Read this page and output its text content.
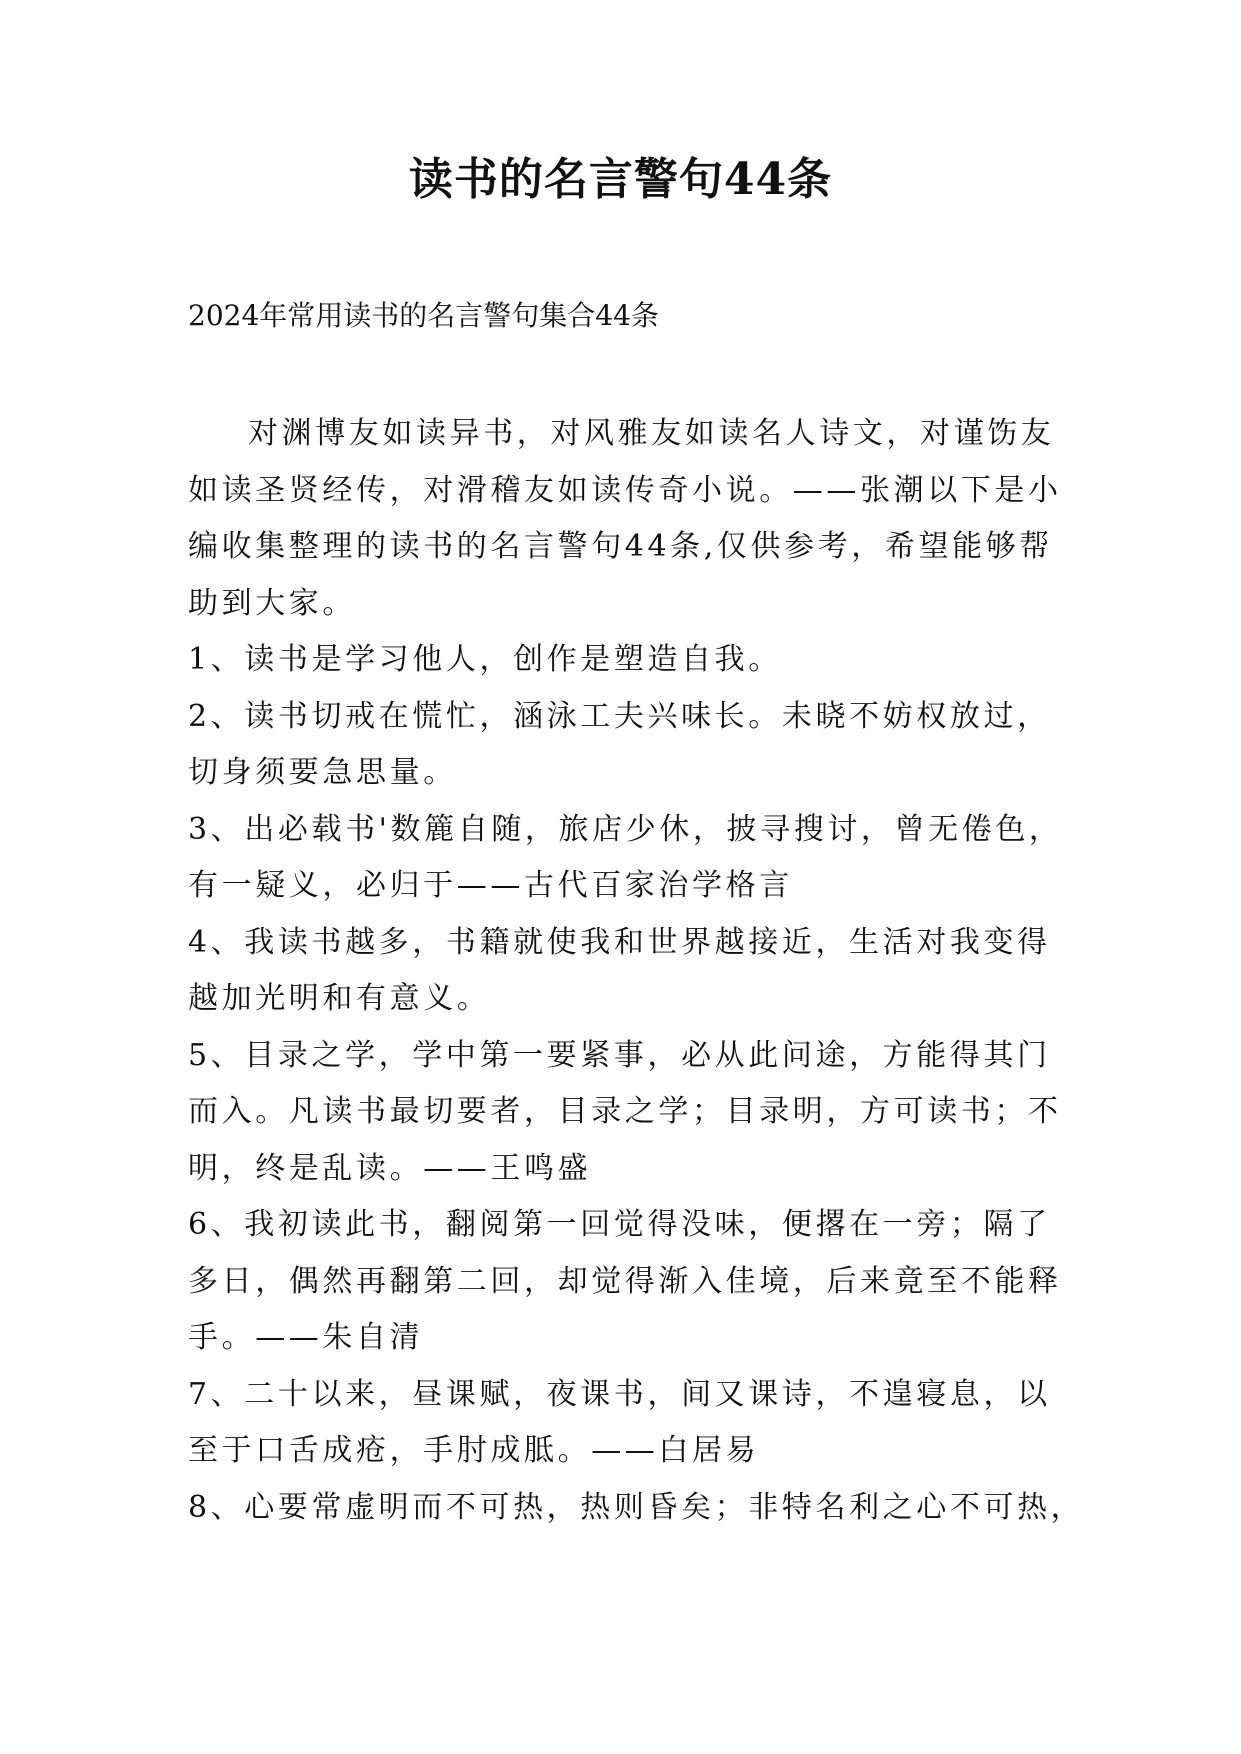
读书的名言警句44条

2024年常用读书的名言警句集合44条

对渊博友如读异书，对风雅友如读名人诗文，对谨饬友
如读圣贤经传，对滑稽友如读传奇小说。——张潮以下是小
编收集整理的读书的名言警句44条,仅供参考，希望能够帮
助到大家。
1、读书是学习他人，创作是塑造自我。
2、读书切戒在慌忙，涵泳工夫兴味长。未晓不妨权放过，
切身须要急思量。
3、出必载书'数簏自随，旅店少休，披寻搜讨，曾无倦色，
有一疑义，必归于——古代百家治学格言
4、我读书越多，书籍就使我和世界越接近，生活对我变得
越加光明和有意义。
5、目录之学，学中第一要紧事，必从此问途，方能得其门
而入。凡读书最切要者，目录之学；目录明，方可读书；不
明，终是乱读。——王鸣盛
6、我初读此书，翻阅第一回觉得没味，便撂在一旁；隔了
多日，偶然再翻第二回，却觉得渐入佳境，后来竟至不能释
手。——朱自清
7、二十以来，昼课赋，夜课书，间又课诗，不遑寝息，以
至于口舌成疮，手肘成胝。——白居易
8、心要常虚明而不可热，热则昏矣；非特名利之心不可热，
